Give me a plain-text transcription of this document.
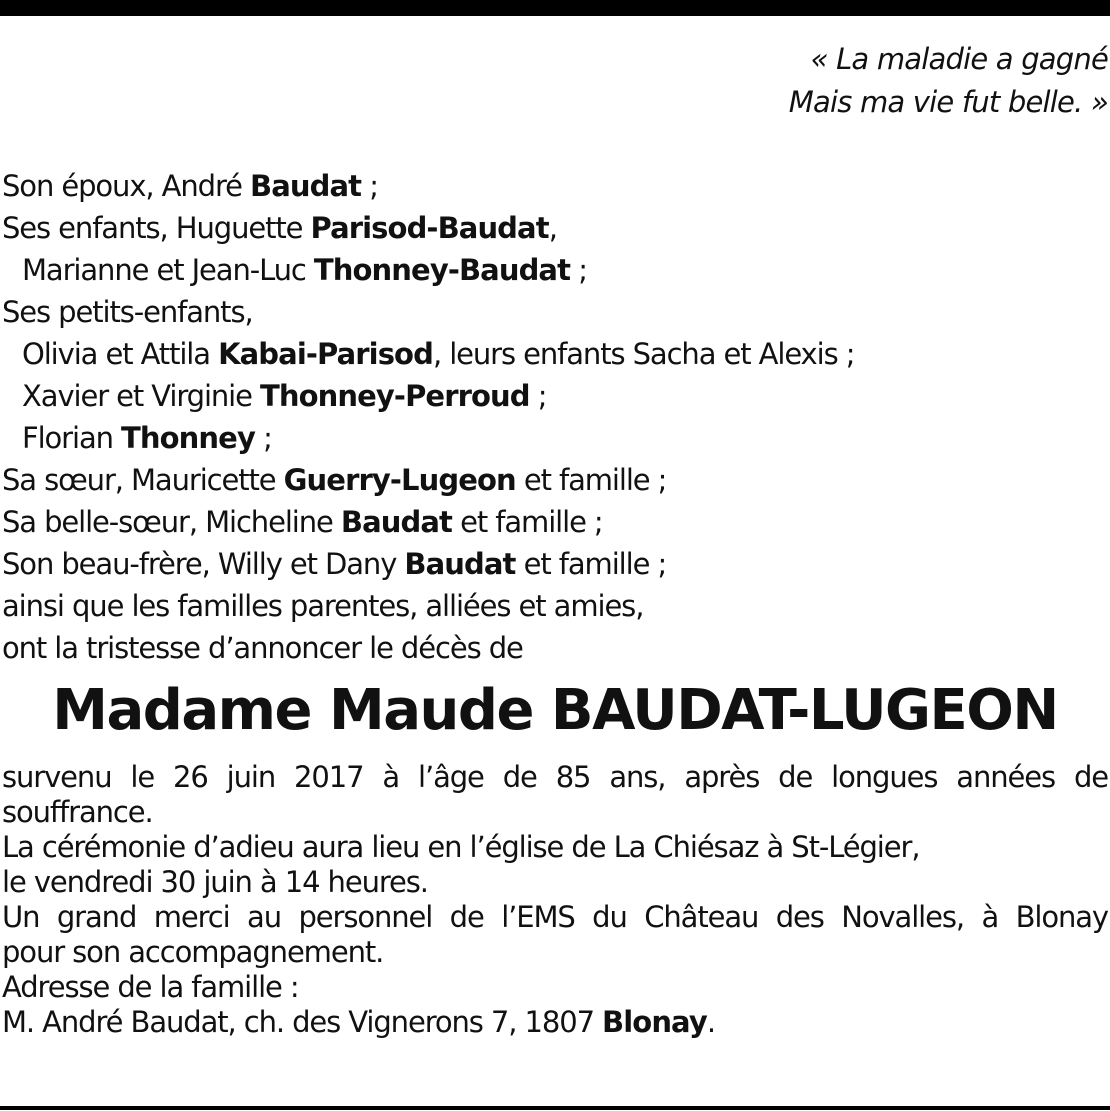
« La maladie a gagné
Mais ma vie fut belle. »
Son époux, André Baudat ;
Ses enfants, Huguette Parisod-Baudat,
Marianne et Jean-Luc Thonney-Baudat ;
Ses petits-enfants,
Olivia et Attila Kabai-Parisod, leurs enfants Sacha et Alexis ;
Xavier et Virginie Thonney-Perroud ;
Florian Thonney ;
Sa sœur, Mauricette Guerry-Lugeon et famille ;
Sa belle-sœur, Micheline Baudat et famille ;
Son beau-frère, Willy et Dany Baudat et famille ;
ainsi que les familles parentes, alliées et amies,
ont la tristesse d’annoncer le décès de
Madame Maude BAUDAT-LUGEON
survenu le 26 juin 2017 à l’âge de 85 ans, après de longues années de
souffrance.
La cérémonie d’adieu aura lieu en l’église de La Chiésaz à St-Légier,
le vendredi 30 juin à 14 heures.
Un grand merci au personnel de l’EMS du Château des Novalles, à Blonay
pour son accompagnement.
Adresse de la famille :
M. André Baudat, ch. des Vignerons 7, 1807 Blonay.
